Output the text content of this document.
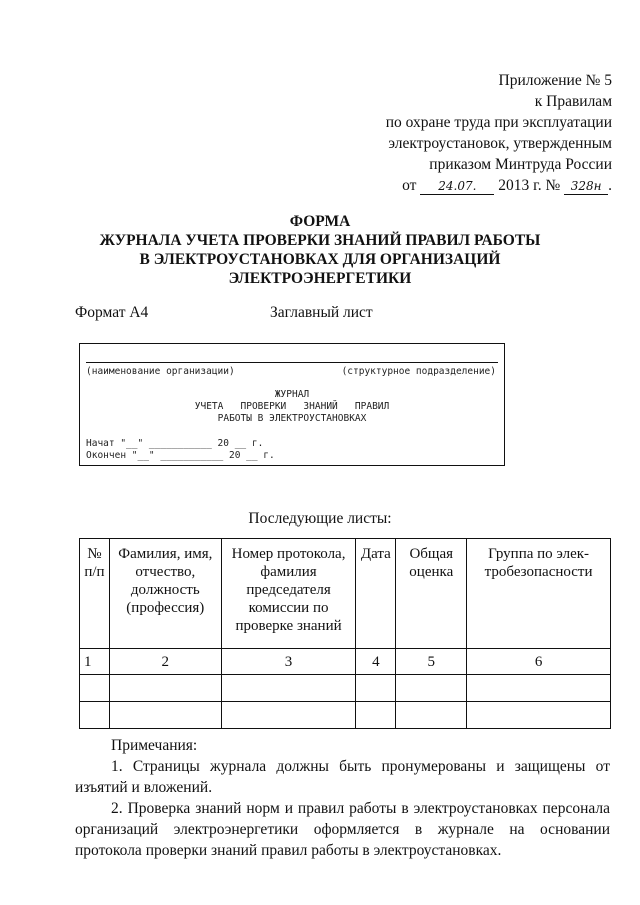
Приложение № 5
к Правилам
по охране труда при эксплуатации
электроустановок, утвержденным
приказом Минтруда России
от 24.07. 2013 г. № 328н .
ФОРМА
ЖУРНАЛА УЧЕТА ПРОВЕРКИ ЗНАНИЙ ПРАВИЛ РАБОТЫ
В ЭЛЕКТРОУСТАНОВКАХ ДЛЯ ОРГАНИЗАЦИЙ
ЭЛЕКТРОЭНЕРГЕТИКИ
Формат А4	Заглавный лист
(наименование организации)	(структурное подразделение)
ЖУРНАЛ
УЧЕТА   ПРОВЕРКИ   ЗНАНИЙ   ПРАВИЛ
РАБОТЫ В ЭЛЕКТРОУСТАНОВКАХ
Начат "__" ___________ 20 __ г.
Окончен "__" ___________ 20 __ г.
Последующие листы:
№ п/п	Фамилия, имя, отчество, должность (профессия)	Номер протокола, фамилия председателя комиссии по проверке знаний	Дата	Общая оценка	Группа по элек-тробезопасности
1	2	3	4	5	6

Примечания:
1. Страницы журнала должны быть пронумерованы и защищены от изъятий и вложений.
2. Проверка знаний норм и правил работы в электроустановках персонала организаций электроэнергетики оформляется в журнале на основании протокола проверки знаний правил работы в электроустановках.
